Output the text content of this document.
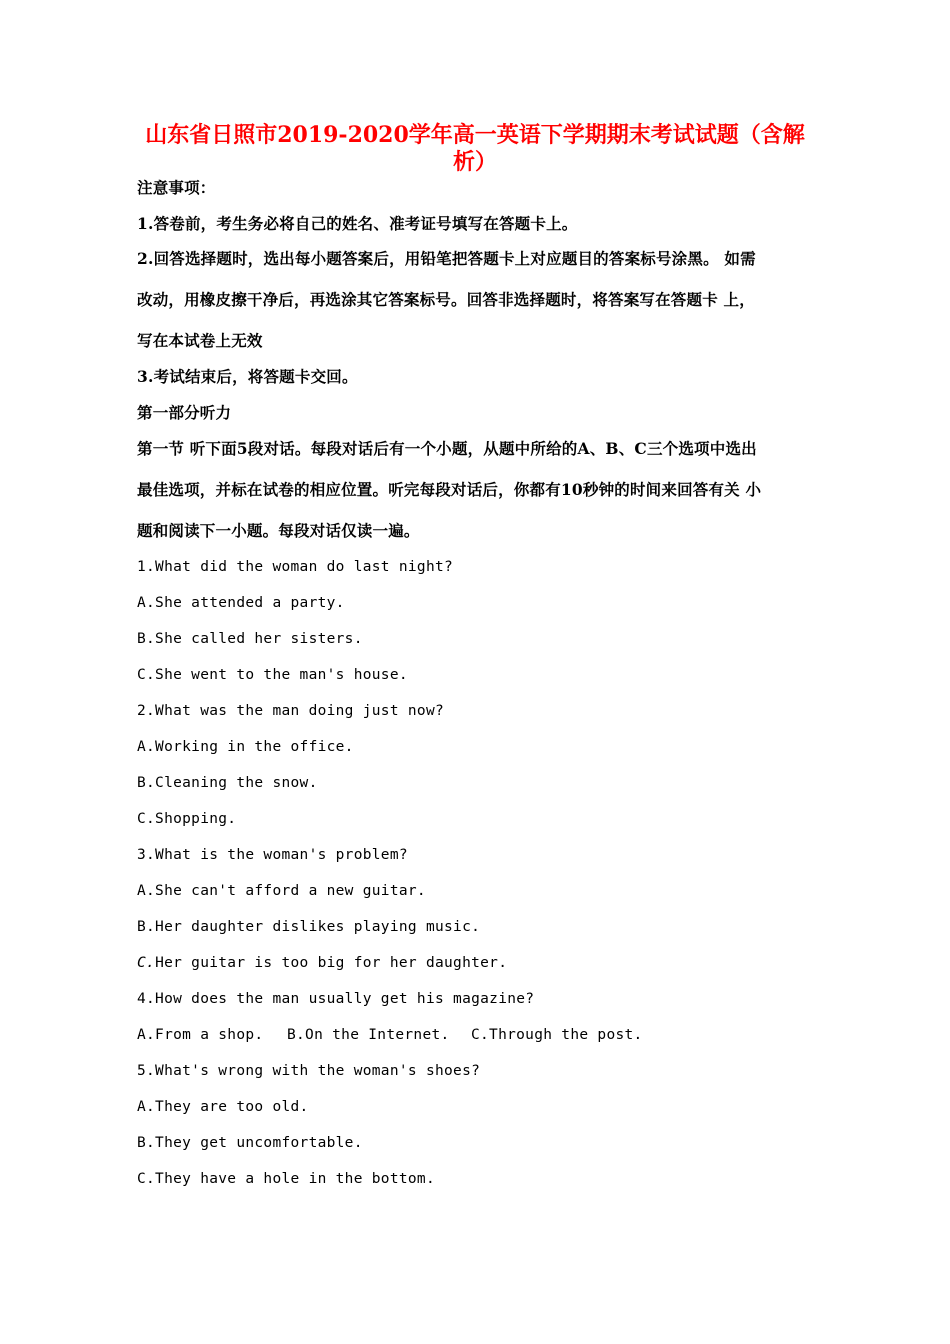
山东省日照市2019-2020学年高一英语下学期期末考试试题（含解
析）
注意事项：
1.答卷前，考生务必将自己的姓名、准考证号填写在答题卡上。
2.回答选择题时，选出每小题答案后，用铅笔把答题卡上对应题目的答案标号涂黑。 如需
改动，用橡皮擦干净后，再选涂其它答案标号。回答非选择题时，将答案写在答题卡 上，
写在本试卷上无效
3.考试结束后，将答题卡交回。
第一部分听力
第一节 听下面5段对话。每段对话后有一个小题，从题中所给的A、B、C三个选项中选出
最佳选项，并标在试卷的相应位置。听完每段对话后，你都有10秒钟的时间来回答有关 小
题和阅读下一小题。每段对话仅读一遍。
1.What did the woman do last night?
A.She attended a party.
B.She called her sisters.
C.She went to the man's house.
2.What was the man doing just now?
A.Working in the office.
B.Cleaning the snow.
C.Shopping.
3.What is the woman's problem?
A.She can't afford a new guitar.
B.Her daughter dislikes playing music.
C.Her guitar is too big for her daughter.
4.How does the man usually get his magazine?
A.From a shop. B.On the Internet. C.Through the post.
5.What's wrong with the woman's shoes?
A.They are too old.
B.They get uncomfortable.
C.They have a hole in the bottom.
